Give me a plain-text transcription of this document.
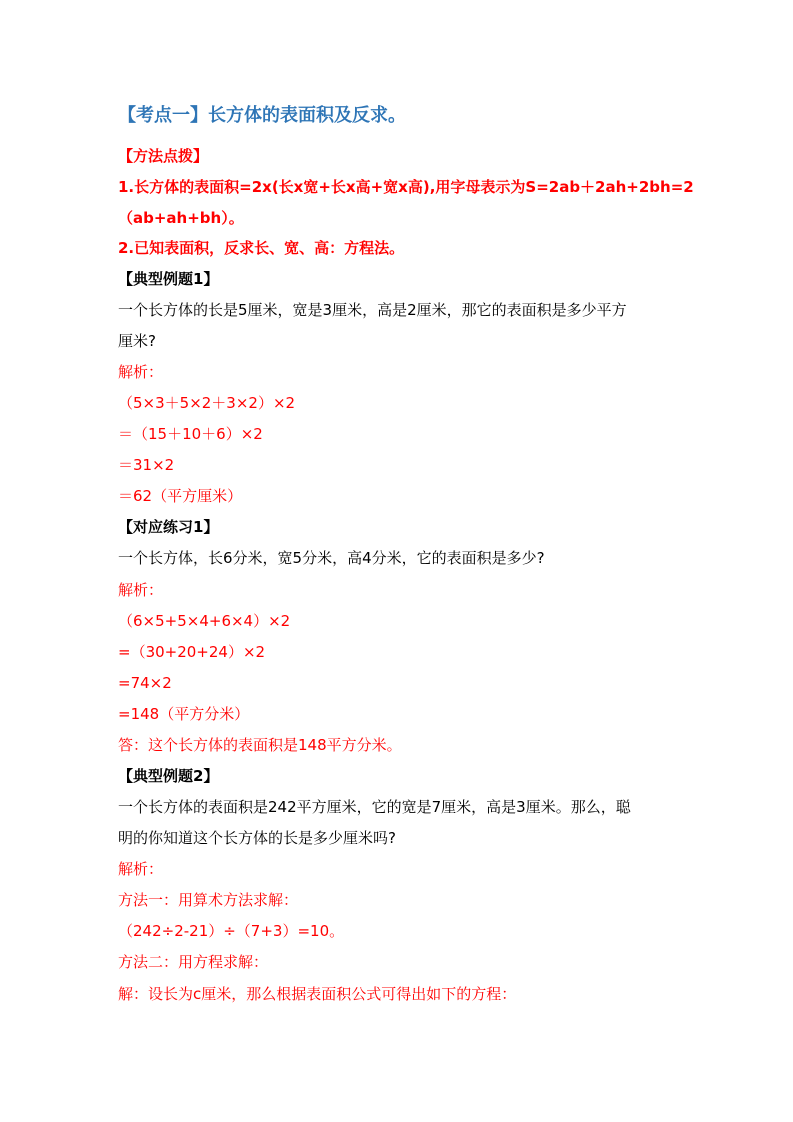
【考点一】长方体的表面积及反求。
【方法点拨】
1.长方体的表面积=2x(长x宽+长x高+宽x高),用字母表示为S=2ab＋2ah+2bh=2
（ab+ah+bh）。
2.已知表面积，反求长、宽、高：方程法。
【典型例题1】
一个长方体的长是5厘米，宽是3厘米，高是2厘米，那它的表面积是多少平方
厘米?
解析：
（5×3＋5×2＋3×2）×2
＝（15＋10＋6）×2
＝31×2
＝62（平方厘米）
【对应练习1】
一个长方体，长6分米，宽5分米，高4分米，它的表面积是多少?
解析：
（6×5+5×4+6×4）×2
=（30+20+24）×2
=74×2
=148（平方分米）
答：这个长方体的表面积是148平方分米。
【典型例题2】
一个长方体的表面积是242平方厘米，它的宽是7厘米，高是3厘米。那么，聪
明的你知道这个长方体的长是多少厘米吗?
解析：
方法一：用算术方法求解：
（242÷2-21）÷（7+3）=10。
方法二：用方程求解：
解：设长为c厘米，那么根据表面积公式可得出如下的方程：
